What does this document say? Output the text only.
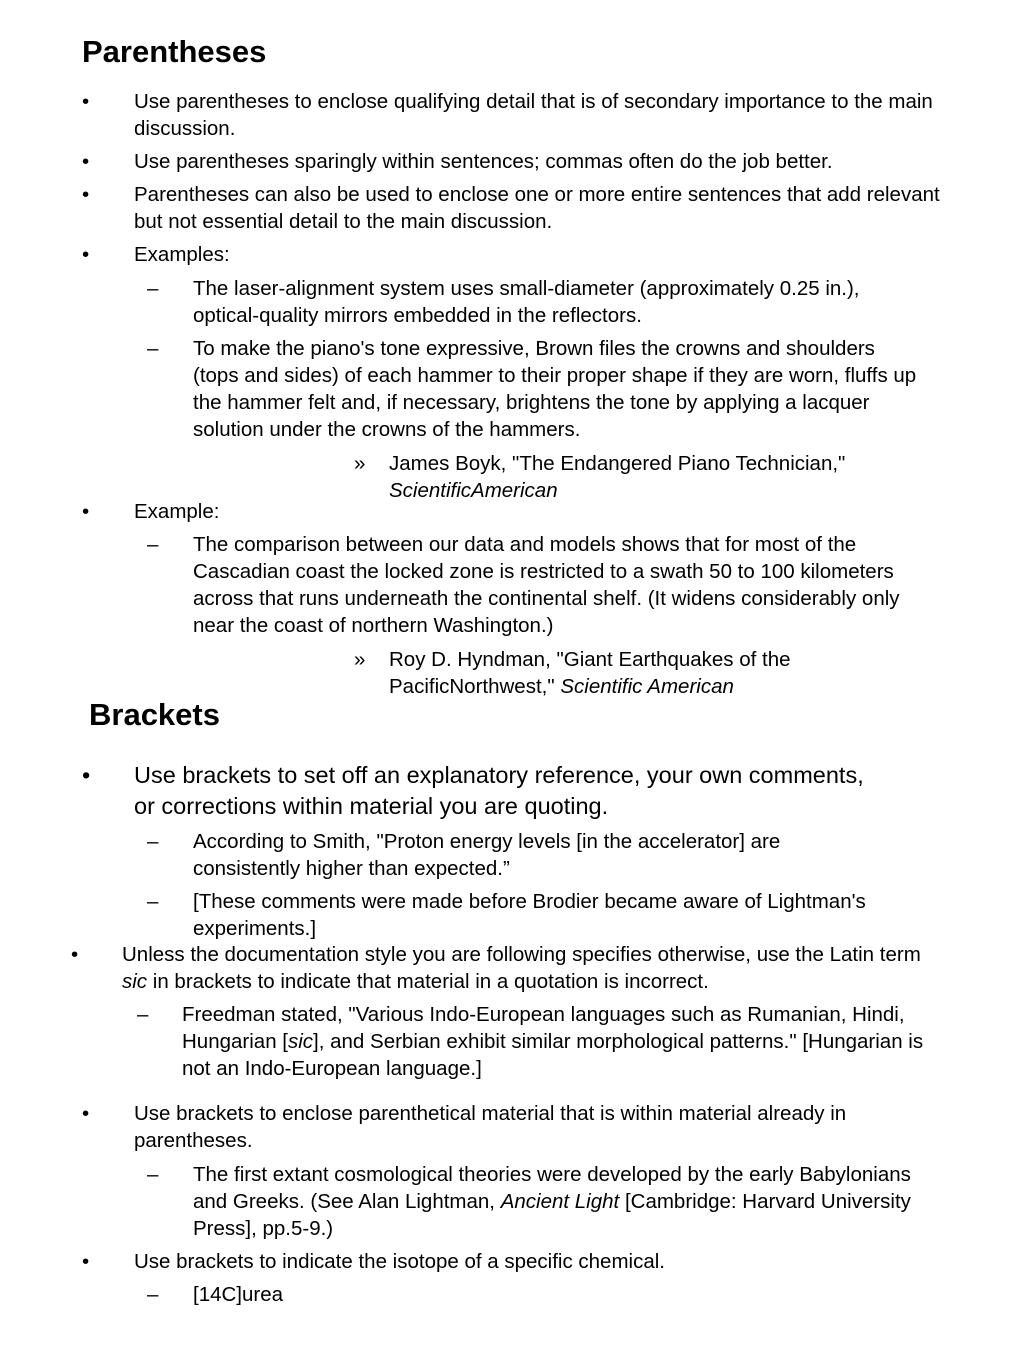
Parentheses
• Use parentheses to enclose qualifying detail that is of secondary importance to the main discussion.
• Use parentheses sparingly within sentences; commas often do the job better.
• Parentheses can also be used to enclose one or more entire sentences that add relevant but not essential detail to the main discussion.
• Examples:
– The laser-alignment system uses small-diameter (approximately 0.25 in.), optical-quality mirrors embedded in the reflectors.
– To make the piano's tone expressive, Brown files the crowns and shoulders (tops and sides) of each hammer to their proper shape if they are worn, fluffs up the hammer felt and, if necessary, brightens the tone by applying a lacquer solution under the crowns of the hammers.
» James Boyk, "The Endangered Piano Technician,"
ScientificAmerican
• Example:
– The comparison between our data and models shows that for most of the Cascadian coast the locked zone is restricted to a swath 50 to 100 kilometers across that runs underneath the continental shelf. (It widens considerably only near the coast of northern Washington.)
» Roy D. Hyndman, "Giant Earthquakes of the
PacificNorthwest," Scientific American
Brackets
• Use brackets to set off an explanatory reference, your own comments, or corrections within material you are quoting.
– According to Smith, "Proton energy levels [in the accelerator] are consistently higher than expected.”
– [These comments were made before Brodier became aware of Lightman's experiments.]
• Unless the documentation style you are following specifies otherwise, use the Latin term sic in brackets to indicate that material in a quotation is incorrect.
– Freedman stated, "Various Indo-European languages such as Rumanian, Hindi, Hungarian [sic], and Serbian exhibit similar morphological patterns." [Hungarian is not an Indo-European language.]
• Use brackets to enclose parenthetical material that is within material already in parentheses.
– The first extant cosmological theories were developed by the early Babylonians and Greeks. (See Alan Lightman, Ancient Light [Cambridge: Harvard University Press], pp.5-9.)
• Use brackets to indicate the isotope of a specific chemical.
– [14C]urea
